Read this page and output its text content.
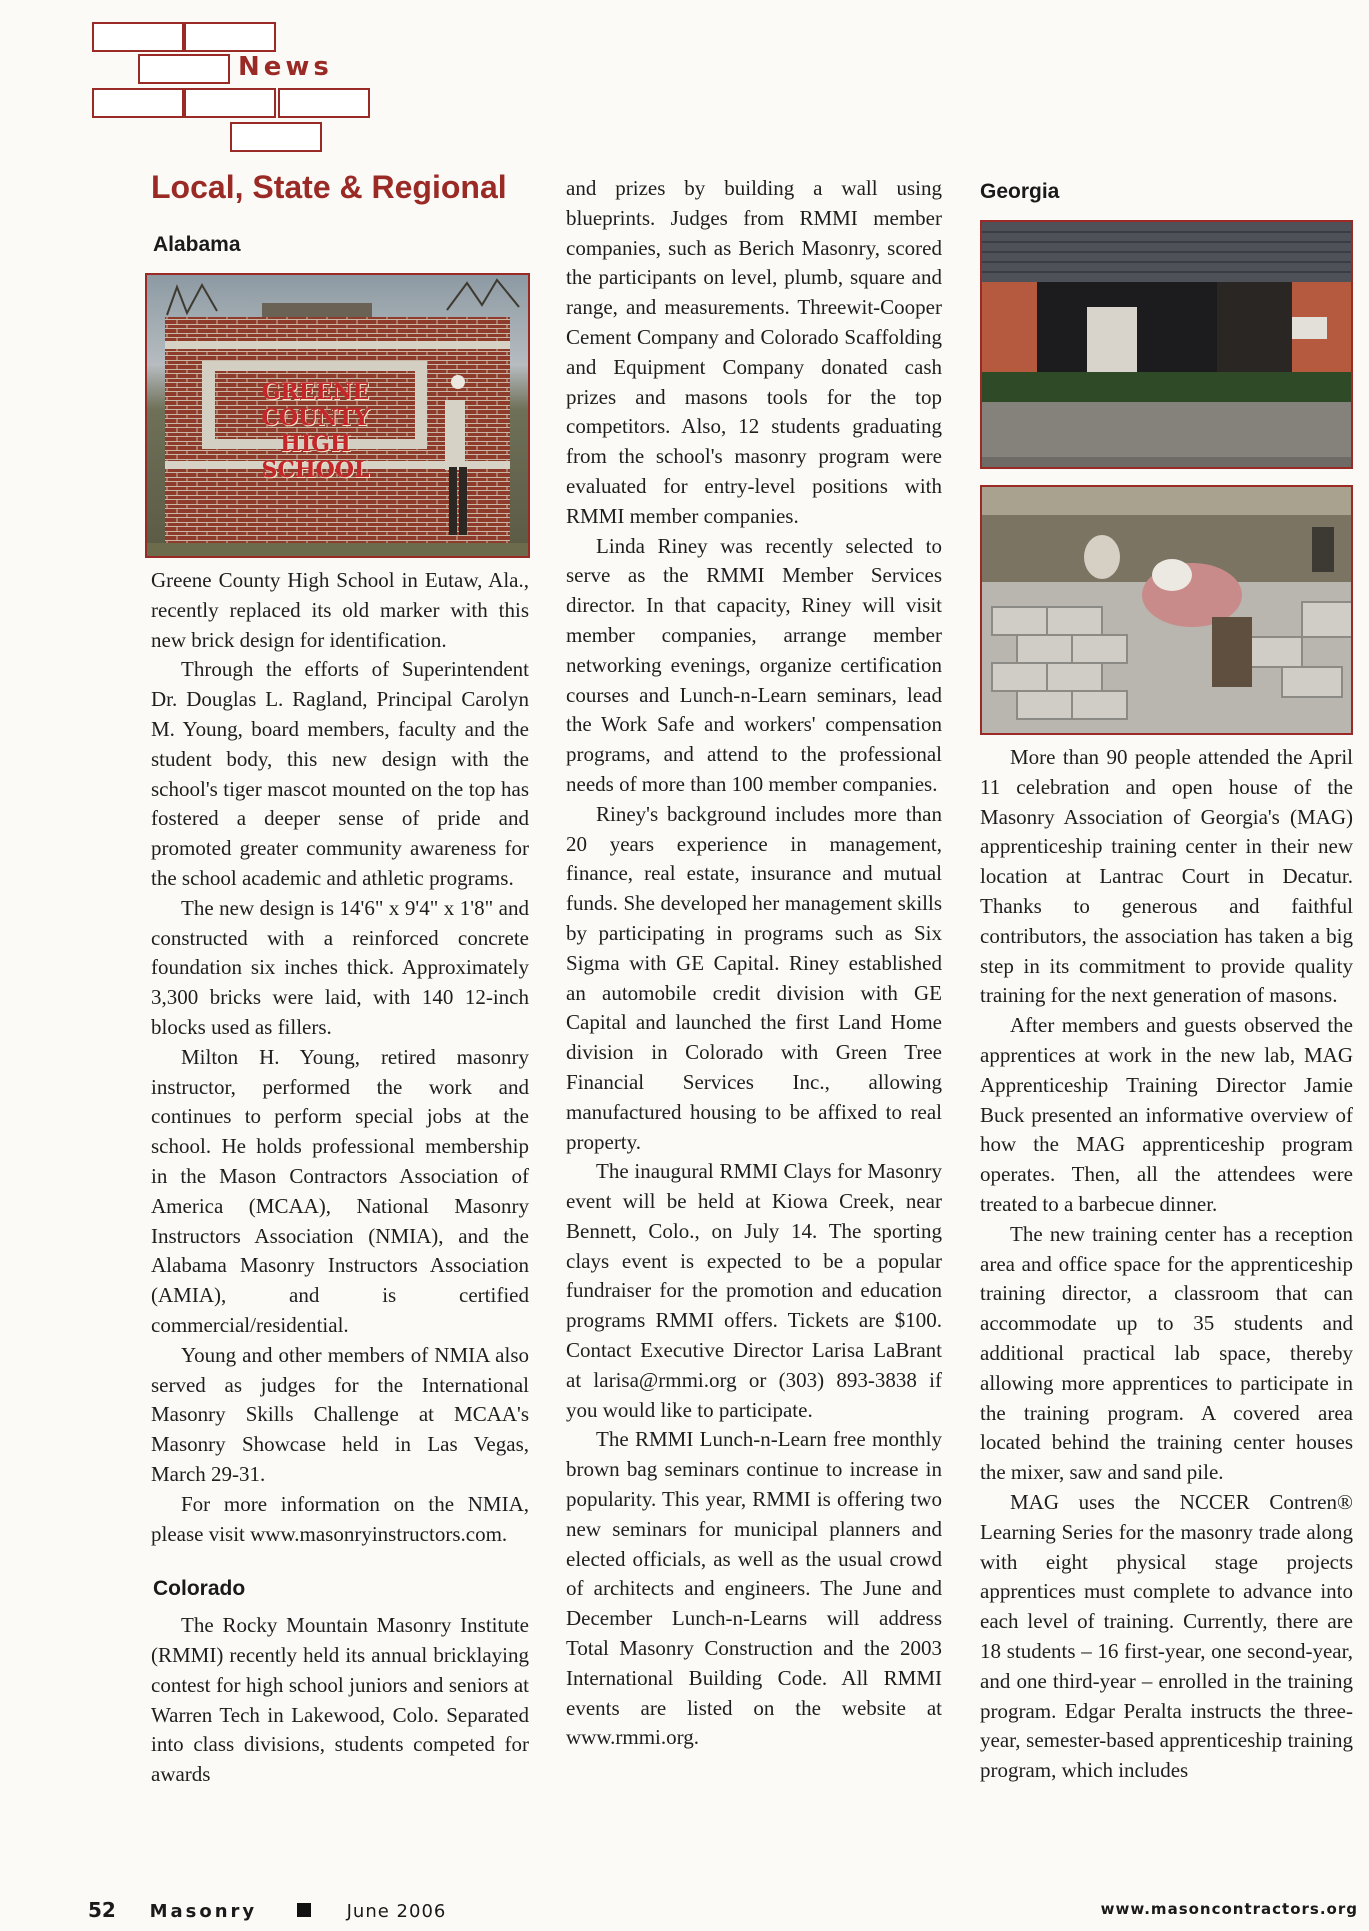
News
Local, State & Regional
Alabama
GREENE COUNTY HIGH SCHOOL

Greene County High School in Eutaw, Ala., recently replaced its old marker with this new brick design for identification.

Through the efforts of Superintendent Dr. Douglas L. Ragland, Principal Carolyn M. Young, board members, faculty and the student body, this new design with the school's tiger mascot mounted on the top has fostered a deeper sense of pride and promoted greater community awareness for the school academic and athletic programs.

The new design is 14'6" x 9'4" x 1'8" and constructed with a reinforced concrete foundation six inches thick. Approximately 3,300 bricks were laid, with 140 12-inch blocks used as fillers.

Milton H. Young, retired masonry instructor, performed the work and continues to perform special jobs at the school. He holds professional membership in the Mason Contractors Association of America (MCAA), National Masonry Instructors Association (NMIA), and the Alabama Masonry Instructors Association (AMIA), and is certified commercial/residential.

Young and other members of NMIA also served as judges for the International Masonry Skills Challenge at MCAA's Masonry Showcase held in Las Vegas, March 29-31.

For more information on the NMIA, please visit www.masonryinstructors.com.

Colorado

The Rocky Mountain Masonry Institute (RMMI) recently held its annual bricklaying contest for high school juniors and seniors at Warren Tech in Lakewood, Colo. Separated into class divisions, students competed for awards

and prizes by building a wall using blueprints. Judges from RMMI member companies, such as Berich Masonry, scored the participants on level, plumb, square and range, and measurements. Threewit-Cooper Cement Company and Colorado Scaffolding and Equipment Company donated cash prizes and masons tools for the top competitors. Also, 12 students graduating from the school's masonry program were evaluated for entry-level positions with RMMI member companies.

Linda Riney was recently selected to serve as the RMMI Member Services director. In that capacity, Riney will visit member companies, arrange member networking evenings, organize certification courses and Lunch-n-Learn seminars, lead the Work Safe and workers' compensation programs, and attend to the professional needs of more than 100 member companies.

Riney's background includes more than 20 years experience in management, finance, real estate, insurance and mutual funds. She developed her management skills by participating in programs such as Six Sigma with GE Capital. Riney established an automobile credit division with GE Capital and launched the first Land Home division in Colorado with Green Tree Financial Services Inc., allowing manufactured housing to be affixed to real property.

The inaugural RMMI Clays for Masonry event will be held at Kiowa Creek, near Bennett, Colo., on July 14. The sporting clays event is expected to be a popular fundraiser for the promotion and education programs RMMI offers. Tickets are $100. Contact Executive Director Larisa LaBrant at larisa@rmmi.org or (303) 893-3838 if you would like to participate.

The RMMI Lunch-n-Learn free monthly brown bag seminars continue to increase in popularity. This year, RMMI is offering two new seminars for municipal planners and elected officials, as well as the usual crowd of architects and engineers. The June and December Lunch-n-Learns will address Total Masonry Construction and the 2003 International Building Code. All RMMI events are listed on the website at www.rmmi.org.

Georgia

More than 90 people attended the April 11 celebration and open house of the Masonry Association of Georgia's (MAG) apprenticeship training center in their new location at Lantrac Court in Decatur. Thanks to generous and faithful contributors, the association has taken a big step in its commitment to provide quality training for the next generation of masons.

After members and guests observed the apprentices at work in the new lab, MAG Apprenticeship Training Director Jamie Buck presented an informative overview of how the MAG apprenticeship program operates. Then, all the attendees were treated to a barbecue dinner.

The new training center has a reception area and office space for the apprenticeship training director, a classroom that can accommodate up to 35 students and additional practical lab space, thereby allowing more apprentices to participate in the training program. A covered area located behind the training center houses the mixer, saw and sand pile.

MAG uses the NCCER Contren® Learning Series for the masonry trade along with eight physical stage projects apprentices must complete to advance into each level of training. Currently, there are 18 students – 16 first-year, one second-year, and one third-year – enrolled in the training program. Edgar Peralta instructs the three-year, semester-based apprenticeship training program, which includes

52 Masonry	June 2006	www.masoncontractors.org
